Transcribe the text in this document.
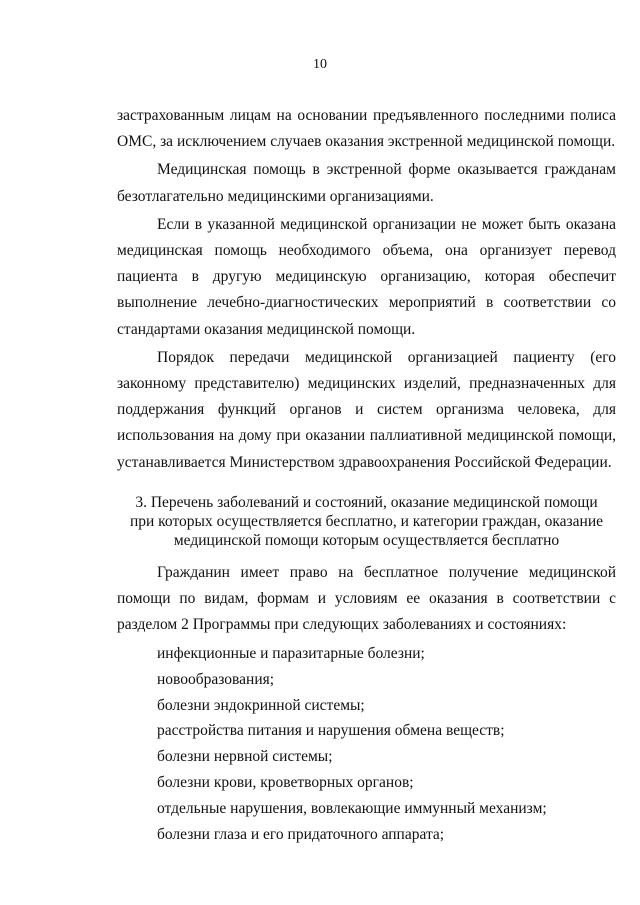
10

застрахованным лицам на основании предъявленного последними полиса ОМС, за исключением случаев оказания экстренной медицинской помощи.

Медицинская помощь в экстренной форме оказывается гражданам безотлагательно медицинскими организациями.

Если в указанной медицинской организации не может быть оказана медицинская помощь необходимого объема, она организует перевод пациента в другую медицинскую организацию, которая обеспечит выполнение лечебно-диагностических мероприятий в соответствии со стандартами оказания медицинской помощи.

Порядок передачи медицинской организацией пациенту (его законному представителю) медицинских изделий, предназначенных для поддержания функций органов и систем организма человека, для использования на дому при оказании паллиативной медицинской помощи, устанавливается Министерством здравоохранения Российской Федерации.

3. Перечень заболеваний и состояний, оказание медицинской помощи
при которых осуществляется бесплатно, и категории граждан, оказание
медицинской помощи которым осуществляется бесплатно

Гражданин имеет право на бесплатное получение медицинской помощи по видам, формам и условиям ее оказания в соответствии с разделом 2 Программы при следующих заболеваниях и состояниях:

инфекционные и паразитарные болезни;
новообразования;
болезни эндокринной системы;
расстройства питания и нарушения обмена веществ;
болезни нервной системы;
болезни крови, кроветворных органов;
отдельные нарушения, вовлекающие иммунный механизм;
болезни глаза и его придаточного аппарата;
